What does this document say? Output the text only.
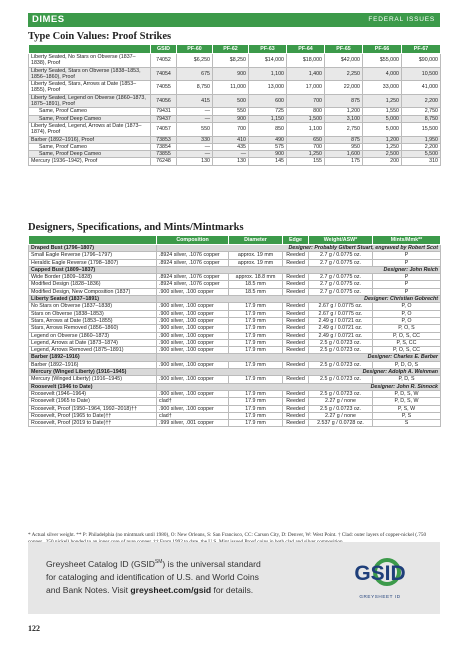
DIMES	FEDERAL ISSUES
Type Coin Values: Proof Strikes
	GSID	PF-60	PF-62	PF-63	PF-64	PF-65	PF-66	PF-67
Liberty Seated, No Stars on Obverse (1837–1838), Proof	74052	$6,250	$8,250	$14,000	$18,000	$42,000	$55,000	$90,000
Liberty Seated, Stars on Obverse (1838–1853, 1856–1860), Proof	74054	675	900	1,100	1,400	2,250	4,000	10,500
Liberty Seated, Stars, Arrows at Date (1853–1855), Proof	74055	8,750	11,000	13,000	17,000	22,000	33,000	41,000
Liberty Seated, Legend on Obverse (1860–1873, 1875–1891), Proof	74056	415	500	600	700	875	1,250	2,200
Same, Proof Cameo	79431	—	550	725	800	1,200	1,550	2,750
Same, Proof Deep Cameo	79437	—	900	1,150	1,500	3,100	5,000	8,750
Liberty Seated, Legend, Arrows at Date (1873–1874), Proof	74057	550	700	850	1,100	2,750	5,000	15,500
Barber (1892–1916), Proof	73853	330	410	490	650	875	1,200	1,950
Same, Proof Cameo	73854	—	435	575	700	950	1,250	2,200
Same, Proof Deep Cameo	73855	—	—	900	1,250	1,600	2,500	5,500
Mercury (1936–1942), Proof	76248	130	130	145	155	175	200	310
Designers, Specifications, and Mints/Mintmarks
	Composition	Diameter	Edge	Weight/ASW*	Mints/Mmk**
Draped Bust (1796–1807)	Designer: Probably Gilbert Stuart, engraved by Robert Scot				
Small Eagle Reverse (1796–1797)	.8924 silver, .1076 copper	approx. 19 mm	Reeded	2.7 g / 0.0775 oz.	P
Heraldic Eagle Reverse (1798–1807)	.8924 silver, .1076 copper	approx. 19 mm	Reeded	2.7 g / 0.0775 oz.	P
Capped Bust (1809–1837)	Designer: John Reich				
Wide Border (1809–1828)	.8924 silver, .1076 copper	approx. 18.8 mm	Reeded	2.7 g / 0.0775 oz.	P
Modified Design (1828–1836)	.8924 silver, .1076 copper	18.5 mm	Reeded	2.7 g / 0.0775 oz.	P
Modified Design, New Composition (1837)	.900 silver, .100 copper	18.5 mm	Reeded	2.7 g / 0.0775 oz.	P
Liberty Seated (1837–1891)	Designer: Christian Gobrecht				
No Stars on Obverse (1837–1838)	.900 silver, .100 copper	17.9 mm	Reeded	2.67 g / 0.0775 oz.	P, O
Stars on Obverse (1838–1853)	.900 silver, .100 copper	17.9 mm	Reeded	2.67 g / 0.0775 oz.	P, O
Stars, Arrows at Date (1853–1855)	.900 silver, .100 copper	17.9 mm	Reeded	2.49 g / 0.0721 oz.	P, O
Stars, Arrows Removed (1856–1860)	.900 silver, .100 copper	17.9 mm	Reeded	2.49 g / 0.0721 oz.	P, O, S
Legend on Obverse (1860–1873)	.900 silver, .100 copper	17.9 mm	Reeded	2.49 g / 0.0721 oz.	P, O, S, CC
Legend, Arrows at Date (1873–1874)	.900 silver, .100 copper	17.9 mm	Reeded	2.5 g / 0.0723 oz.	P, S, CC
Legend, Arrows Removed (1875–1891)	.900 silver, .100 copper	17.9 mm	Reeded	2.5 g / 0.0723 oz.	P, O, S, CC
Barber (1892–1916)	Designer: Charles E. Barber				
Barber (1892–1916)	.900 silver, .100 copper	17.9 mm	Reeded	2.5 g / 0.0723 oz.	P, D, O, S
Mercury (Winged Liberty) (1916–1945)	Designer: Adolph A. Weinman				
Mercury (Winged Liberty) (1916–1945)	.900 silver, .100 copper	17.9 mm	Reeded	2.5 g / 0.0723 oz.	P, D, S
Roosevelt (1946 to Date)	Designer: John R. Sinnock				
Roosevelt (1946–1964)	.900 silver, .100 copper	17.9 mm	Reeded	2.5 g / 0.0723 oz.	P, D, S, W
Roosevelt (1965 to Date)	clad†	17.9 mm	Reeded	2.27 g / none	P, D, S, W
Roosevelt, Proof (1950–1964, 1992–2018)††	.900 silver, .100 copper	17.9 mm	Reeded	2.5 g / 0.0723 oz.	P, S, W
Roosevelt, Proof (1965 to Date)††	clad†	17.9 mm	Reeded	2.27 g / none	P, S
Roosevelt, Proof (2019 to Date)††	.999 silver, .001 copper	17.9 mm	Reeded	2.537 g / 0.0728 oz.	S
* Actual silver weight. ** P: Philadelphia (no mintmark until 1980), O: New Orleans, S: San Francisco, CC: Carson City, D: Denver, W: West Point. † Clad: outer layers of copper-nickel (.750
Greysheet Catalog ID (GSID℠) is the universal standard
for cataloging and identification of U.S. and World Coins
and Bank Notes. Visit greysheet.com/gsid for details.
GSID
GREYSHEET ID
122
